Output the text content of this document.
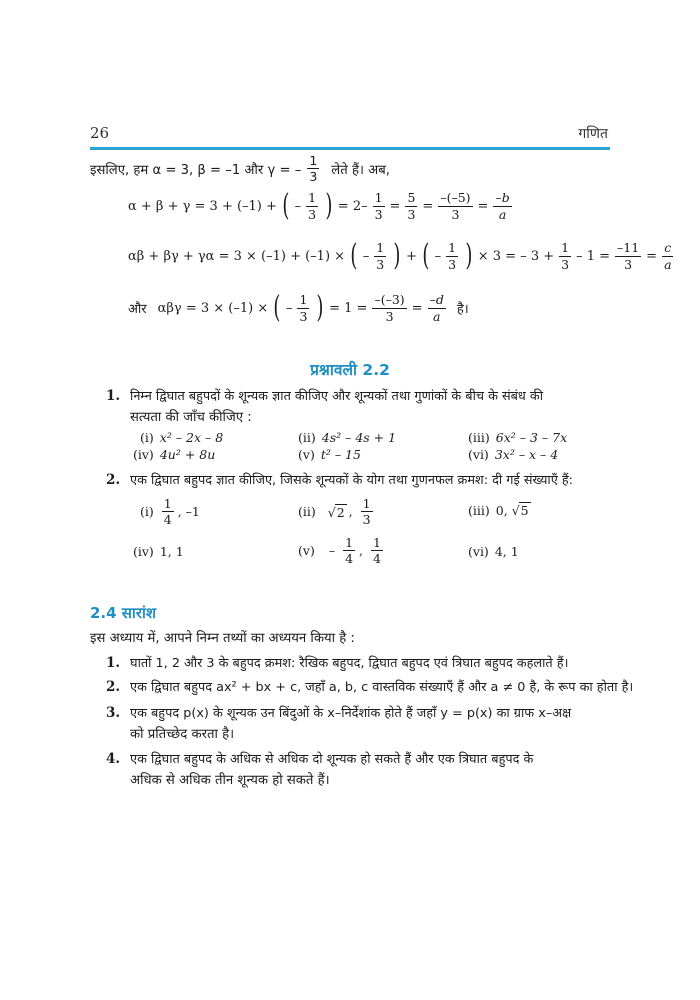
26	गणित
इसलिए, हम α = 3, β = –1 और γ = – $\frac{1}{3}$ लेते हैं। अब,
α + β + γ = 3 + (–1) + ( – $\frac{1}{3}$ ) = $2- \frac{1}{3} = \frac{5}{3} = \frac{-(-5)}{3} = \frac{-b}{a}$
αβ + βγ + γα = 3 × (–1) + (–1) × ( – $\frac{1}{3}$ ) + ( – $\frac{1}{3}$ ) × 3 = – $3 + \frac{1}{3} - 1 = \frac{-11}{3} = \frac{c}{a}$
और αβγ = 3 × (–1) × ( – $\frac{1}{3}$ ) = $1 = \frac{-(-3)}{3} = \frac{-d}{a}$ है।
प्रश्नावली 2.2
1. निम्न द्विघात बहुपदों के शून्यक ज्ञात कीजिए और शून्यकों तथा गुणांकों के बीच के संबंध की
सत्यता की जाँच कीजिए :
(i) x² – 2x – 8	(ii) 4s² – 4s + 1	(iii) 6x² – 3 – 7x
(iv) 4u² + 8u	(v) t² – 15	(vi) 3x² – x – 4
2. एक द्विघात बहुपद ज्ञात कीजिए, जिसके शून्यकों के योग तथा गुणनफल क्रमश: दी गई संख्याएँ हैं:
$(i) \frac{1}{4}$ , –1	(ii) √2 , $\frac{1}{3}$	(iii) 0, √5
(iv) 1, 1	$(v) - \frac{1}{4}$ , $\frac{1}{4}$	(vi) 4, 1
2.4 सारांश
इस अध्याय में, आपने निम्न तथ्यों का अध्ययन किया है :
1. घातों 1, 2 और 3 के बहुपद क्रमश: रैखिक बहुपद, द्विघात बहुपद एवं त्रिघात बहुपद कहलाते हैं।
2. एक द्विघात बहुपद ax² + bx + c, जहाँ a, b, c वास्तविक संख्याएँ हैं और a ≠ 0 है, के रूप का होता है।
3. एक बहुपद p(x) के शून्यक उन बिंदुओं के x–निर्देशांक होते हैं जहाँ y = p(x) का ग्राफ x–अक्ष
को प्रतिच्छेद करता है।
4. एक द्विघात बहुपद के अधिक से अधिक दो शून्यक हो सकते हैं और एक त्रिघात बहुपद के
अधिक से अधिक तीन शून्यक हो सकते हैं।
